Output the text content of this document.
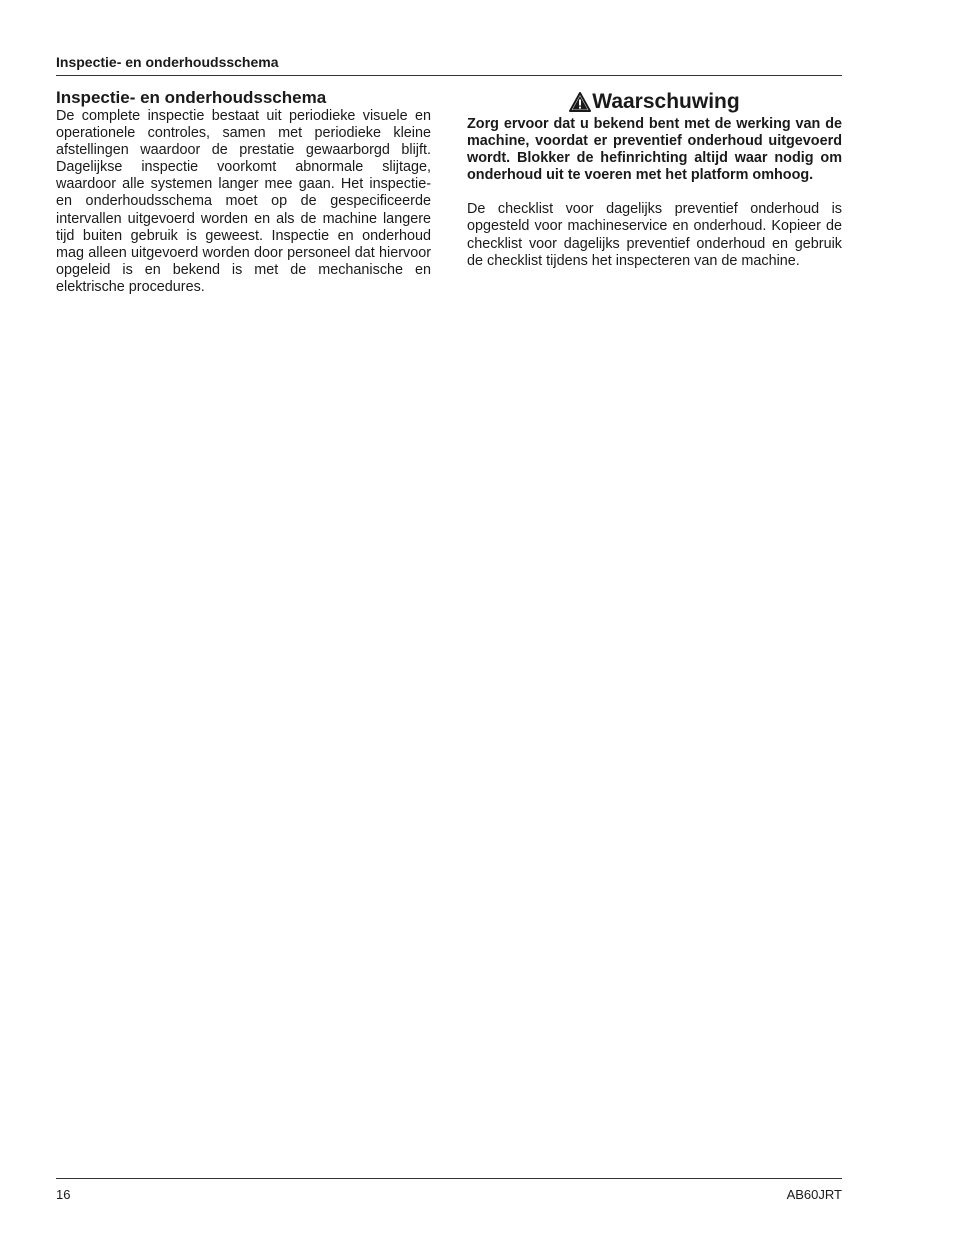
Inspectie- en onderhoudsschema
Inspectie- en onderhoudsschema

De complete inspectie bestaat uit periodieke visuele en operationele controles, samen met periodieke kleine afstellingen waardoor de prestatie gewaarborgd blijft. Dagelijkse inspectie voorkomt abnormale slijtage, waardoor alle systemen langer mee gaan. Het inspectie- en onderhoudsschema moet op de gespecificeerde intervallen uitgevoerd worden en als de machine langere tijd buiten gebruik is geweest. Inspectie en onderhoud mag alleen uitgevoerd worden door personeel dat hiervoor opgeleid is en bekend is met de mechanische en elektrische procedures.

Waarschuwing

Zorg ervoor dat u bekend bent met de werking van de machine, voordat er preventief onderhoud uitgevoerd wordt. Blokker de hefinrichting altijd waar nodig om onderhoud uit te voeren met het platform omhoog.

De checklist voor dagelijks preventief onderhoud is opgesteld voor machineservice en onderhoud. Kopieer de checklist voor dagelijks preventief onderhoud en gebruik de checklist tijdens het inspecteren van de machine.

16	AB60JRT
